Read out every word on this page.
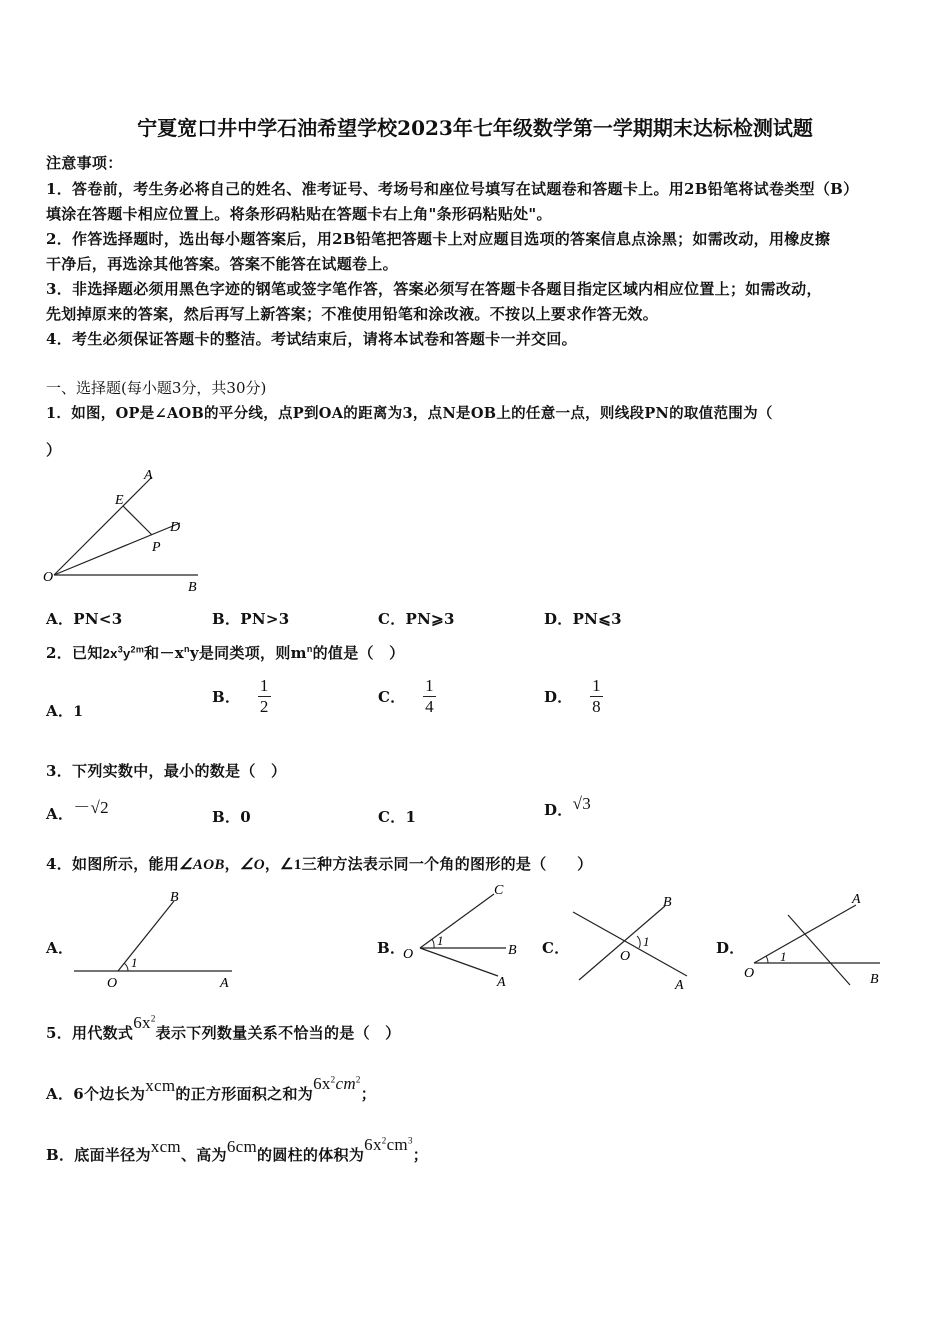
宁夏宽口井中学石油希望学校2023年七年级数学第一学期期末达标检测试题
注意事项：
1．答卷前，考生务必将自己的姓名、准考证号、考场号和座位号填写在试题卷和答题卡上。用2B铅笔将试卷类型（B）
填涂在答题卡相应位置上。将条形码粘贴在答题卡右上角"条形码粘贴处"。
2．作答选择题时，选出每小题答案后，用2B铅笔把答题卡上对应题目选项的答案信息点涂黑；如需改动，用橡皮擦
干净后，再选涂其他答案。答案不能答在试题卷上。
3．非选择题必须用黑色字迹的钢笔或签字笔作答，答案必须写在答题卡各题目指定区域内相应位置上；如需改动，
先划掉原来的答案，然后再写上新答案；不准使用铅笔和涂改液。不按以上要求作答无效。
4．考生必须保证答题卡的整洁。考试结束后，请将本试卷和答题卡一并交回。
一、选择题(每小题3分，共30分)
1．如图，OP是∠AOB的平分线，点P到OA的距离为3，点N是OB上的任意一点，则线段PN的取值范围为（
）
A
E
D
P
O
B
A．PN<3	B．PN>3	C．PN⩾3	D．PN⩽3
2．已知$2x^3y^{2m}$和$-x^ny$是同类项，则$m^n$的值是（　）
A．1
B． $\frac{1}{2}$	C． $\frac{1}{4}$	D． $\frac{1}{8}$
3．下列实数中，最小的数是（　）
A．－√2	B．0	C．1	D．√3
4．如图所示，能用∠AOB，∠O，∠1三种方法表示同一个角的图形的是（　　）
A．
B
1
O	A
B．
C
O
1
B
A
C．
B
O
1
A
D．
A
O
1
B
5．用代数式$6x^2$表示下列数量关系不恰当的是（　）
A．6个边长为xcm的正方形面积之和为$6x^2cm^2$；
B．底面半径为xcm、高为6cm的圆柱的体积为$6x^2cm^3$；
